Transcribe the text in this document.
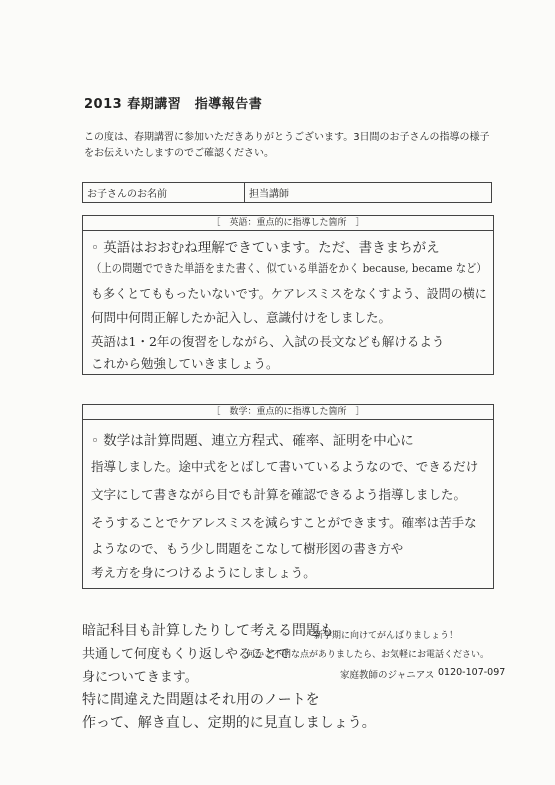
2013 春期講習　指導報告書
この度は、春期講習に参加いただきありがとうございます。3日間のお子さんの指導の様子
をお伝えいたしますのでご確認ください。
お子さんのお名前	担当講師
［　英語：重点的に指導した箇所　］
◦ 英語はおおむね理解できています。ただ、書きまちがえ
（上の問題でできた単語をまた書く、似ている単語をかく because, became など）
も多くとてももったいないです。ケアレスミスをなくすよう、設問の横に
何問中何問正解したか記入し、意識付けをしました。
英語は1・2年の復習をしながら、入試の長文なども解けるよう
これから勉強していきましょう。
［　数学：重点的に指導した箇所　］
◦ 数学は計算問題、連立方程式、確率、証明を中心に
指導しました。途中式をとばして書いているようなので、できるだけ
文字にして書きながら目でも計算を確認できるよう指導しました。
そうすることでケアレスミスを減らすことができます。確率は苦手な
ようなので、もう少し問題をこなして樹形図の書き方や
考え方を身につけるようにしましょう。
暗記科目も計算したりして考える問題も
共通して何度もくり返しやることで
身についてきます。
特に間違えた問題はそれ用のノートを
作って、解き直し、定期的に見直しましょう。
新学期に向けてがんばりましょう！
何かご不明な点がありましたら、お気軽にお電話ください。
家庭教師のジャニアス 0120-107-097
